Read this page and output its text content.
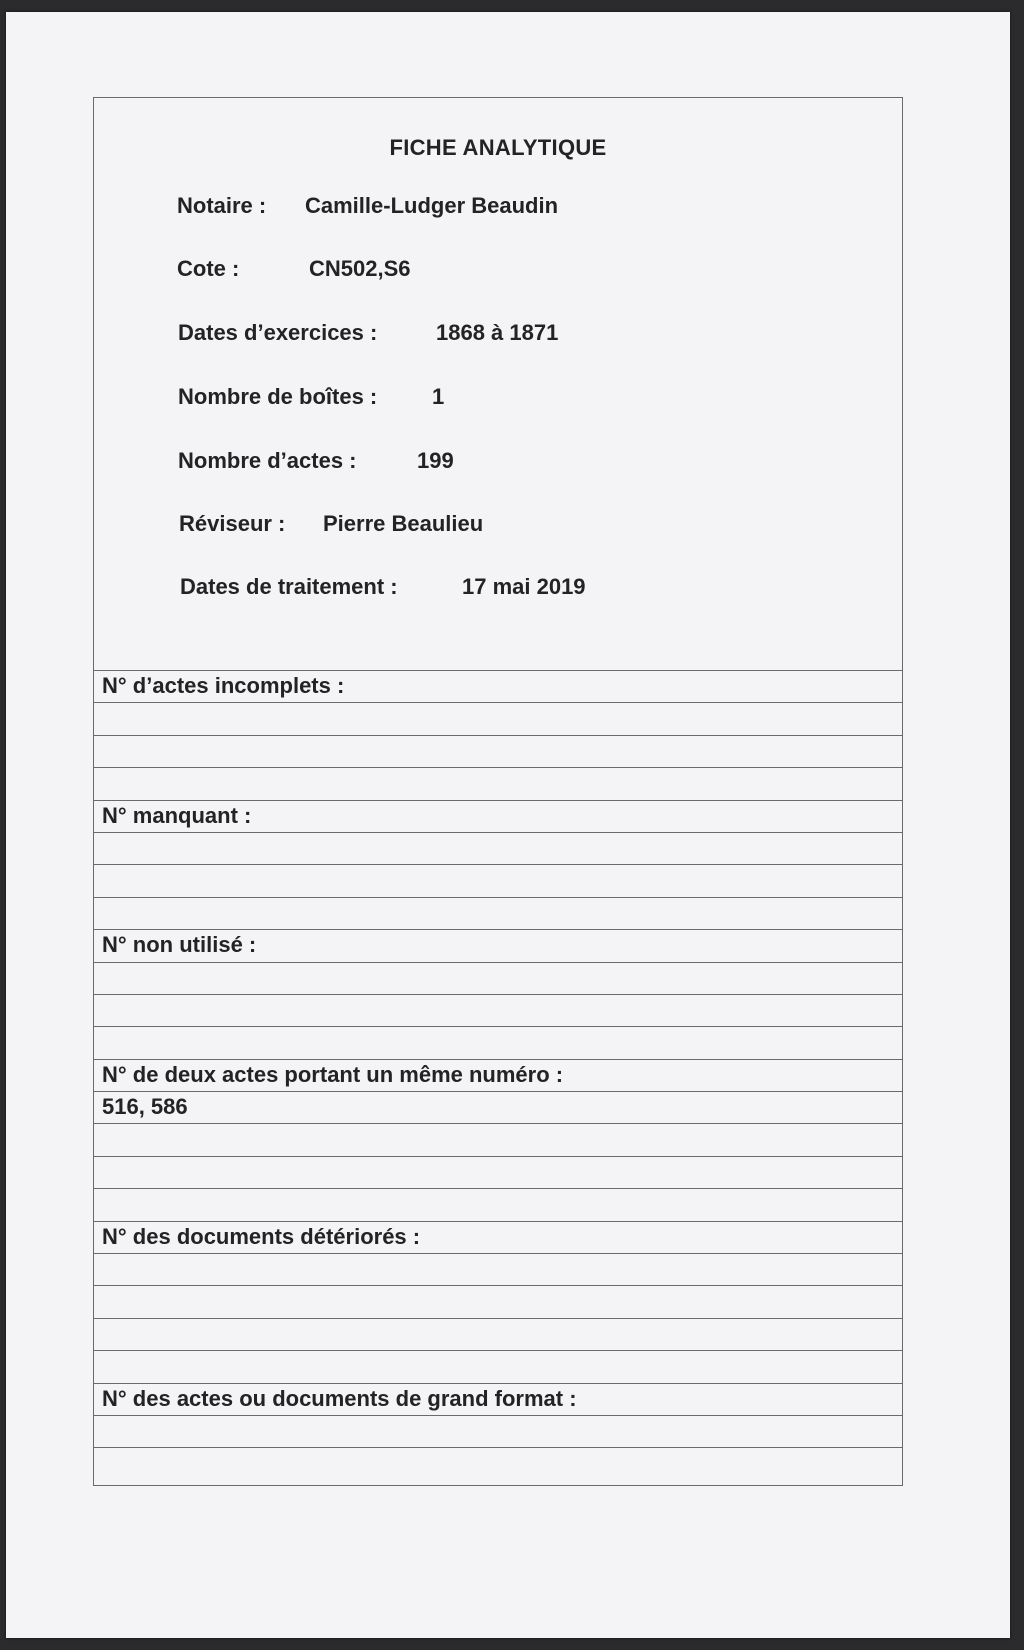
FICHE ANALYTIQUE
Notaire : Camille-Ludger Beaudin
Cote :	CN502,S6
Dates d’exercices :	1868 à 1871
Nombre de boîtes : 1
Nombre d’actes :	199
Réviseur : Pierre Beaulieu
Dates de traitement :	17 mai 2019
N° d’actes incomplets :
N° manquant :
N° non utilisé :
N° de deux actes portant un même numéro :
516, 586
N° des documents détériorés :
N° des actes ou documents de grand format :
